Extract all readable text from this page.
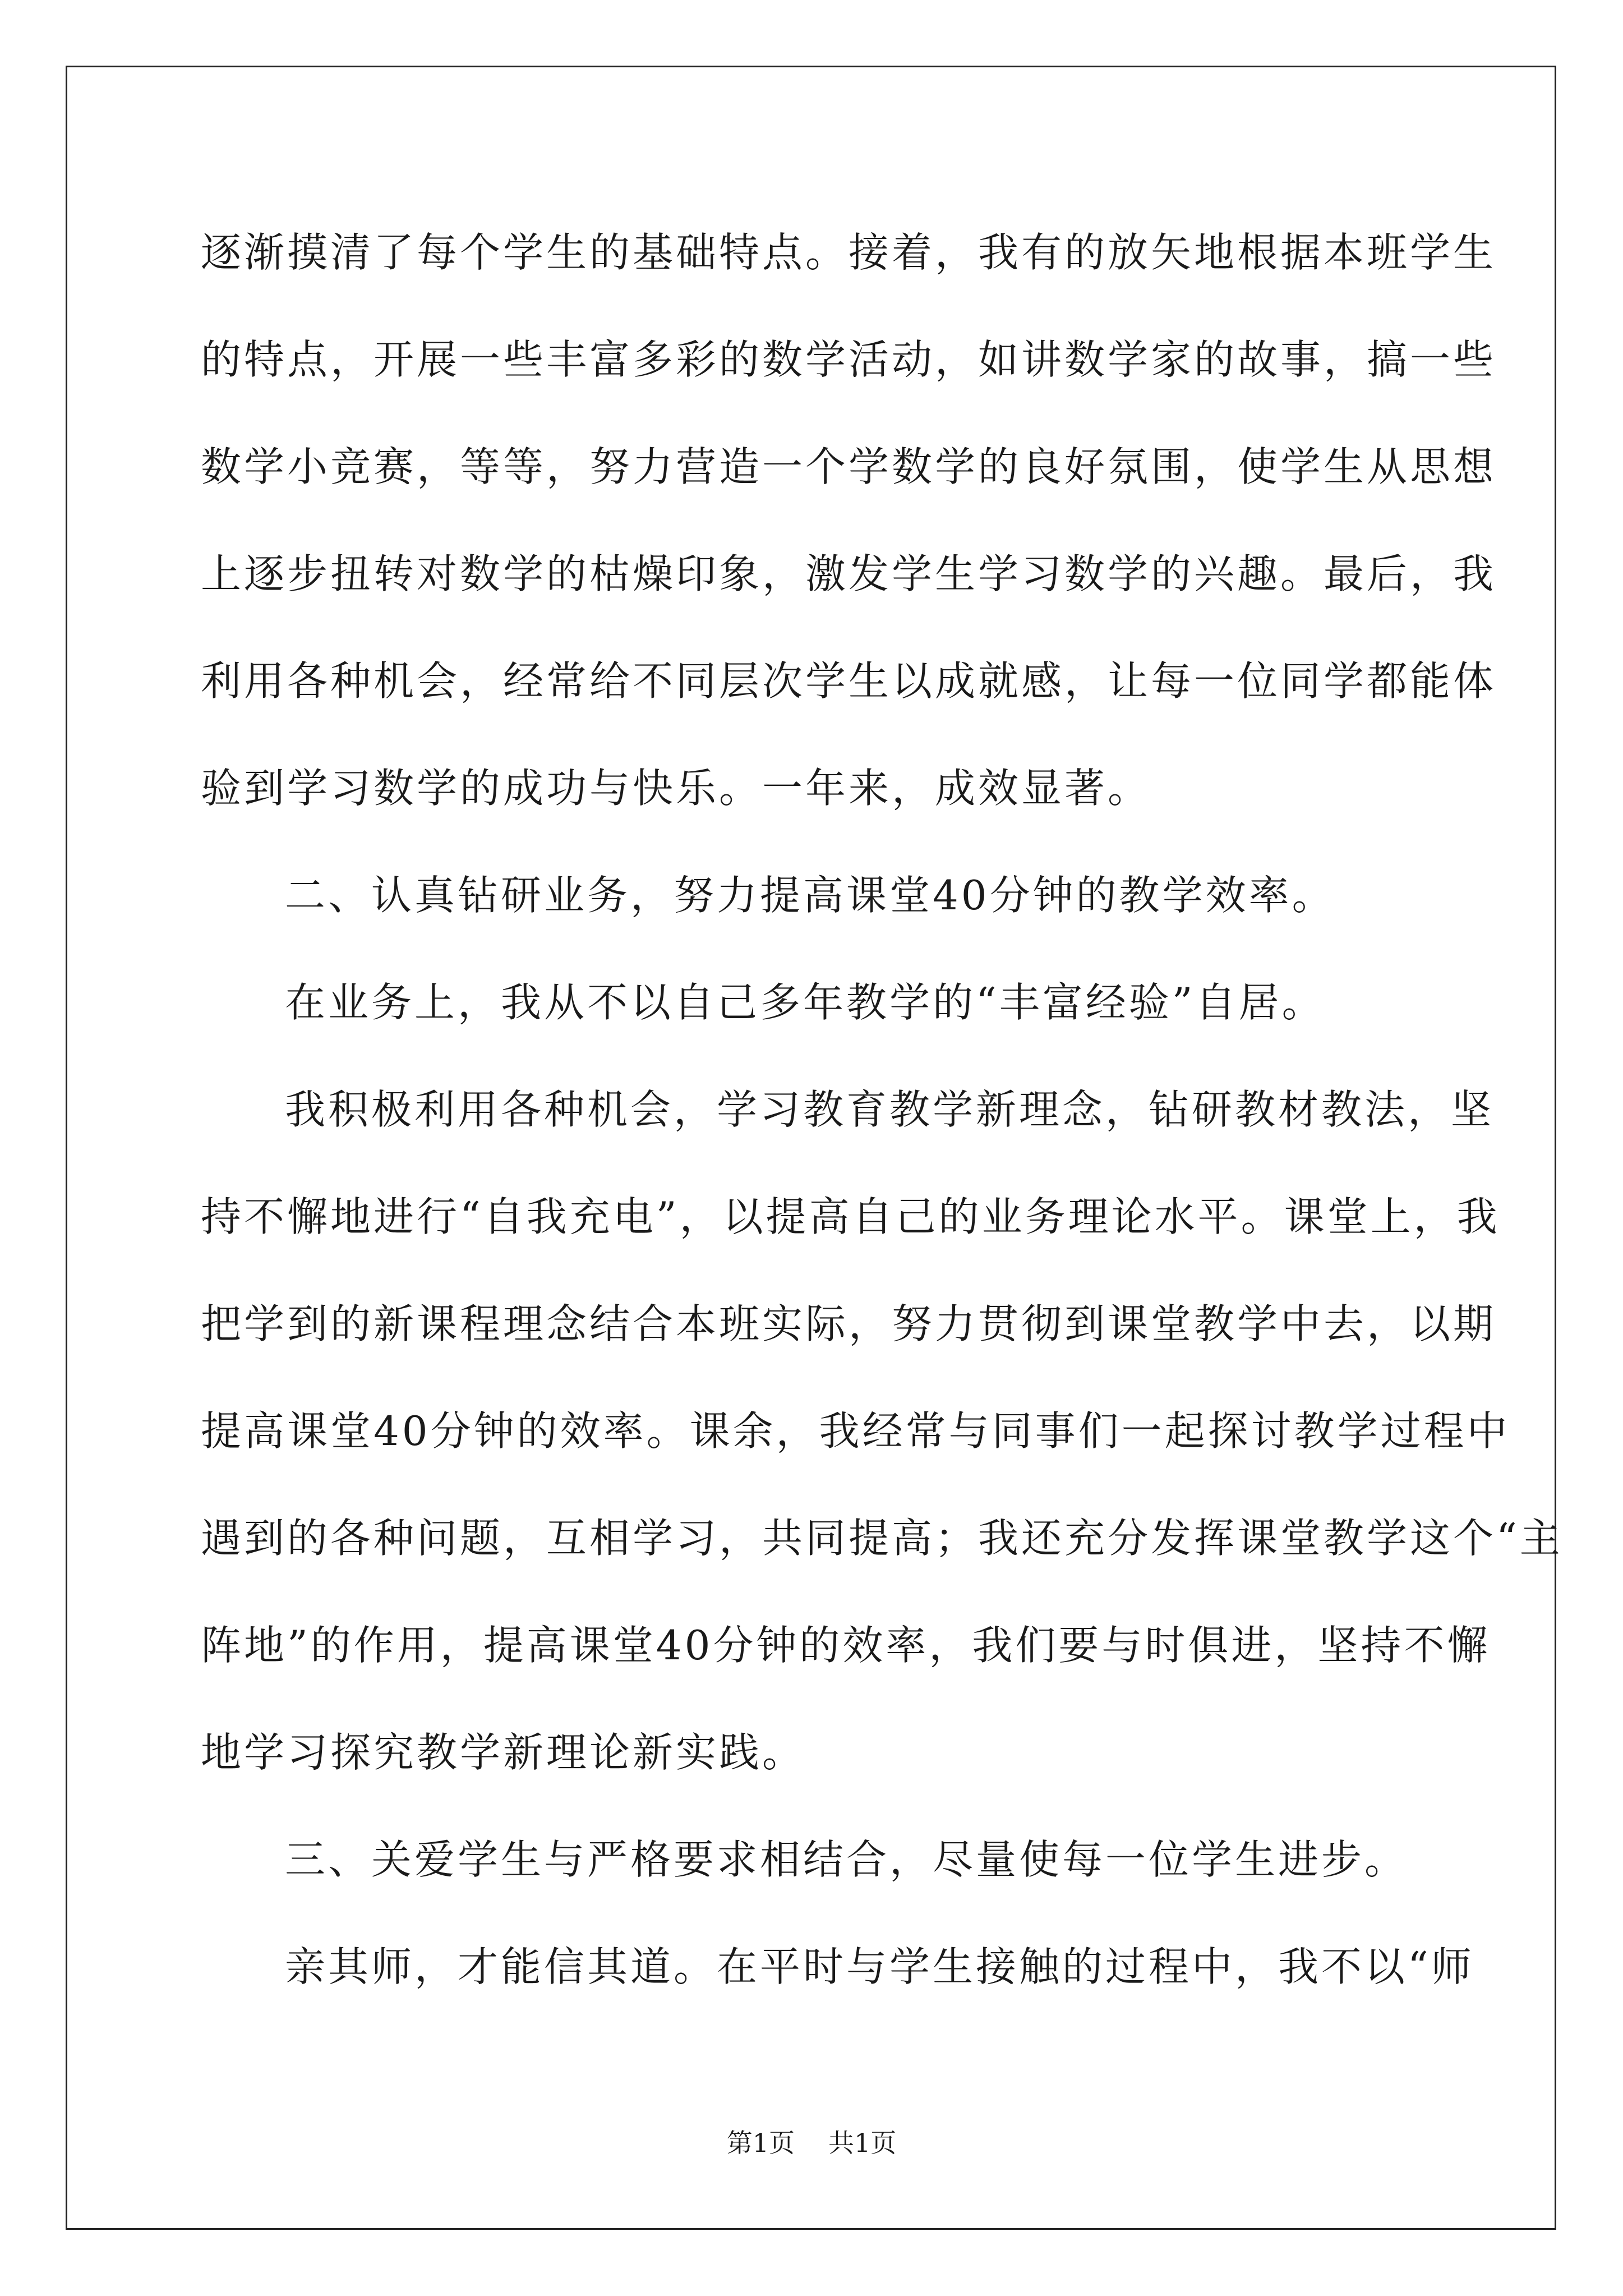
逐渐摸清了每个学生的基础特点。接着，我有的放矢地根据本班学生
的特点，开展一些丰富多彩的数学活动，如讲数学家的故事，搞一些
数学小竞赛，等等，努力营造一个学数学的良好氛围，使学生从思想
上逐步扭转对数学的枯燥印象，激发学生学习数学的兴趣。最后，我
利用各种机会，经常给不同层次学生以成就感，让每一位同学都能体
验到学习数学的成功与快乐。一年来，成效显著。
二、认真钻研业务，努力提高课堂40分钟的教学效率。
在业务上，我从不以自己多年教学的“丰富经验”自居。
我积极利用各种机会，学习教育教学新理念，钻研教材教法，坚
持不懈地进行“自我充电”，以提高自己的业务理论水平。课堂上，我
把学到的新课程理念结合本班实际，努力贯彻到课堂教学中去，以期
提高课堂40分钟的效率。课余，我经常与同事们一起探讨教学过程中
遇到的各种问题，互相学习，共同提高；我还充分发挥课堂教学这个“主
阵地”的作用，提高课堂40分钟的效率，我们要与时俱进，坚持不懈
地学习探究教学新理论新实践。
三、关爱学生与严格要求相结合，尽量使每一位学生进步。
亲其师，才能信其道。在平时与学生接触的过程中，我不以“师
第1页 共1页
